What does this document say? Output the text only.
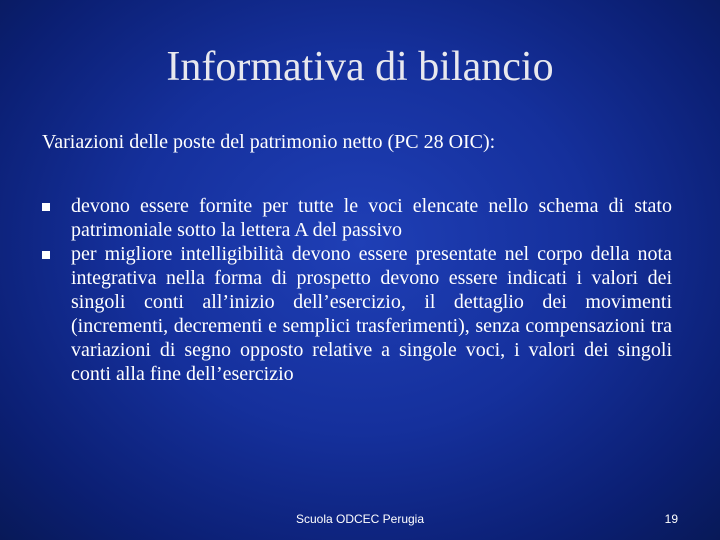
Informativa di bilancio
Variazioni delle poste del patrimonio netto (PC 28 OIC):
devono essere fornite per tutte le voci elencate nello schema di stato patrimoniale sotto la lettera A del passivo
per migliore intelligibilità devono essere presentate nel corpo della nota integrativa nella forma di prospetto devono essere indicati i valori dei singoli conti all’inizio dell’esercizio, il dettaglio dei movimenti (incrementi, decrementi e semplici trasferimenti), senza compensazioni tra variazioni di segno opposto relative a singole voci, i valori dei singoli conti alla fine dell’esercizio
Scuola ODCEC Perugia	19
